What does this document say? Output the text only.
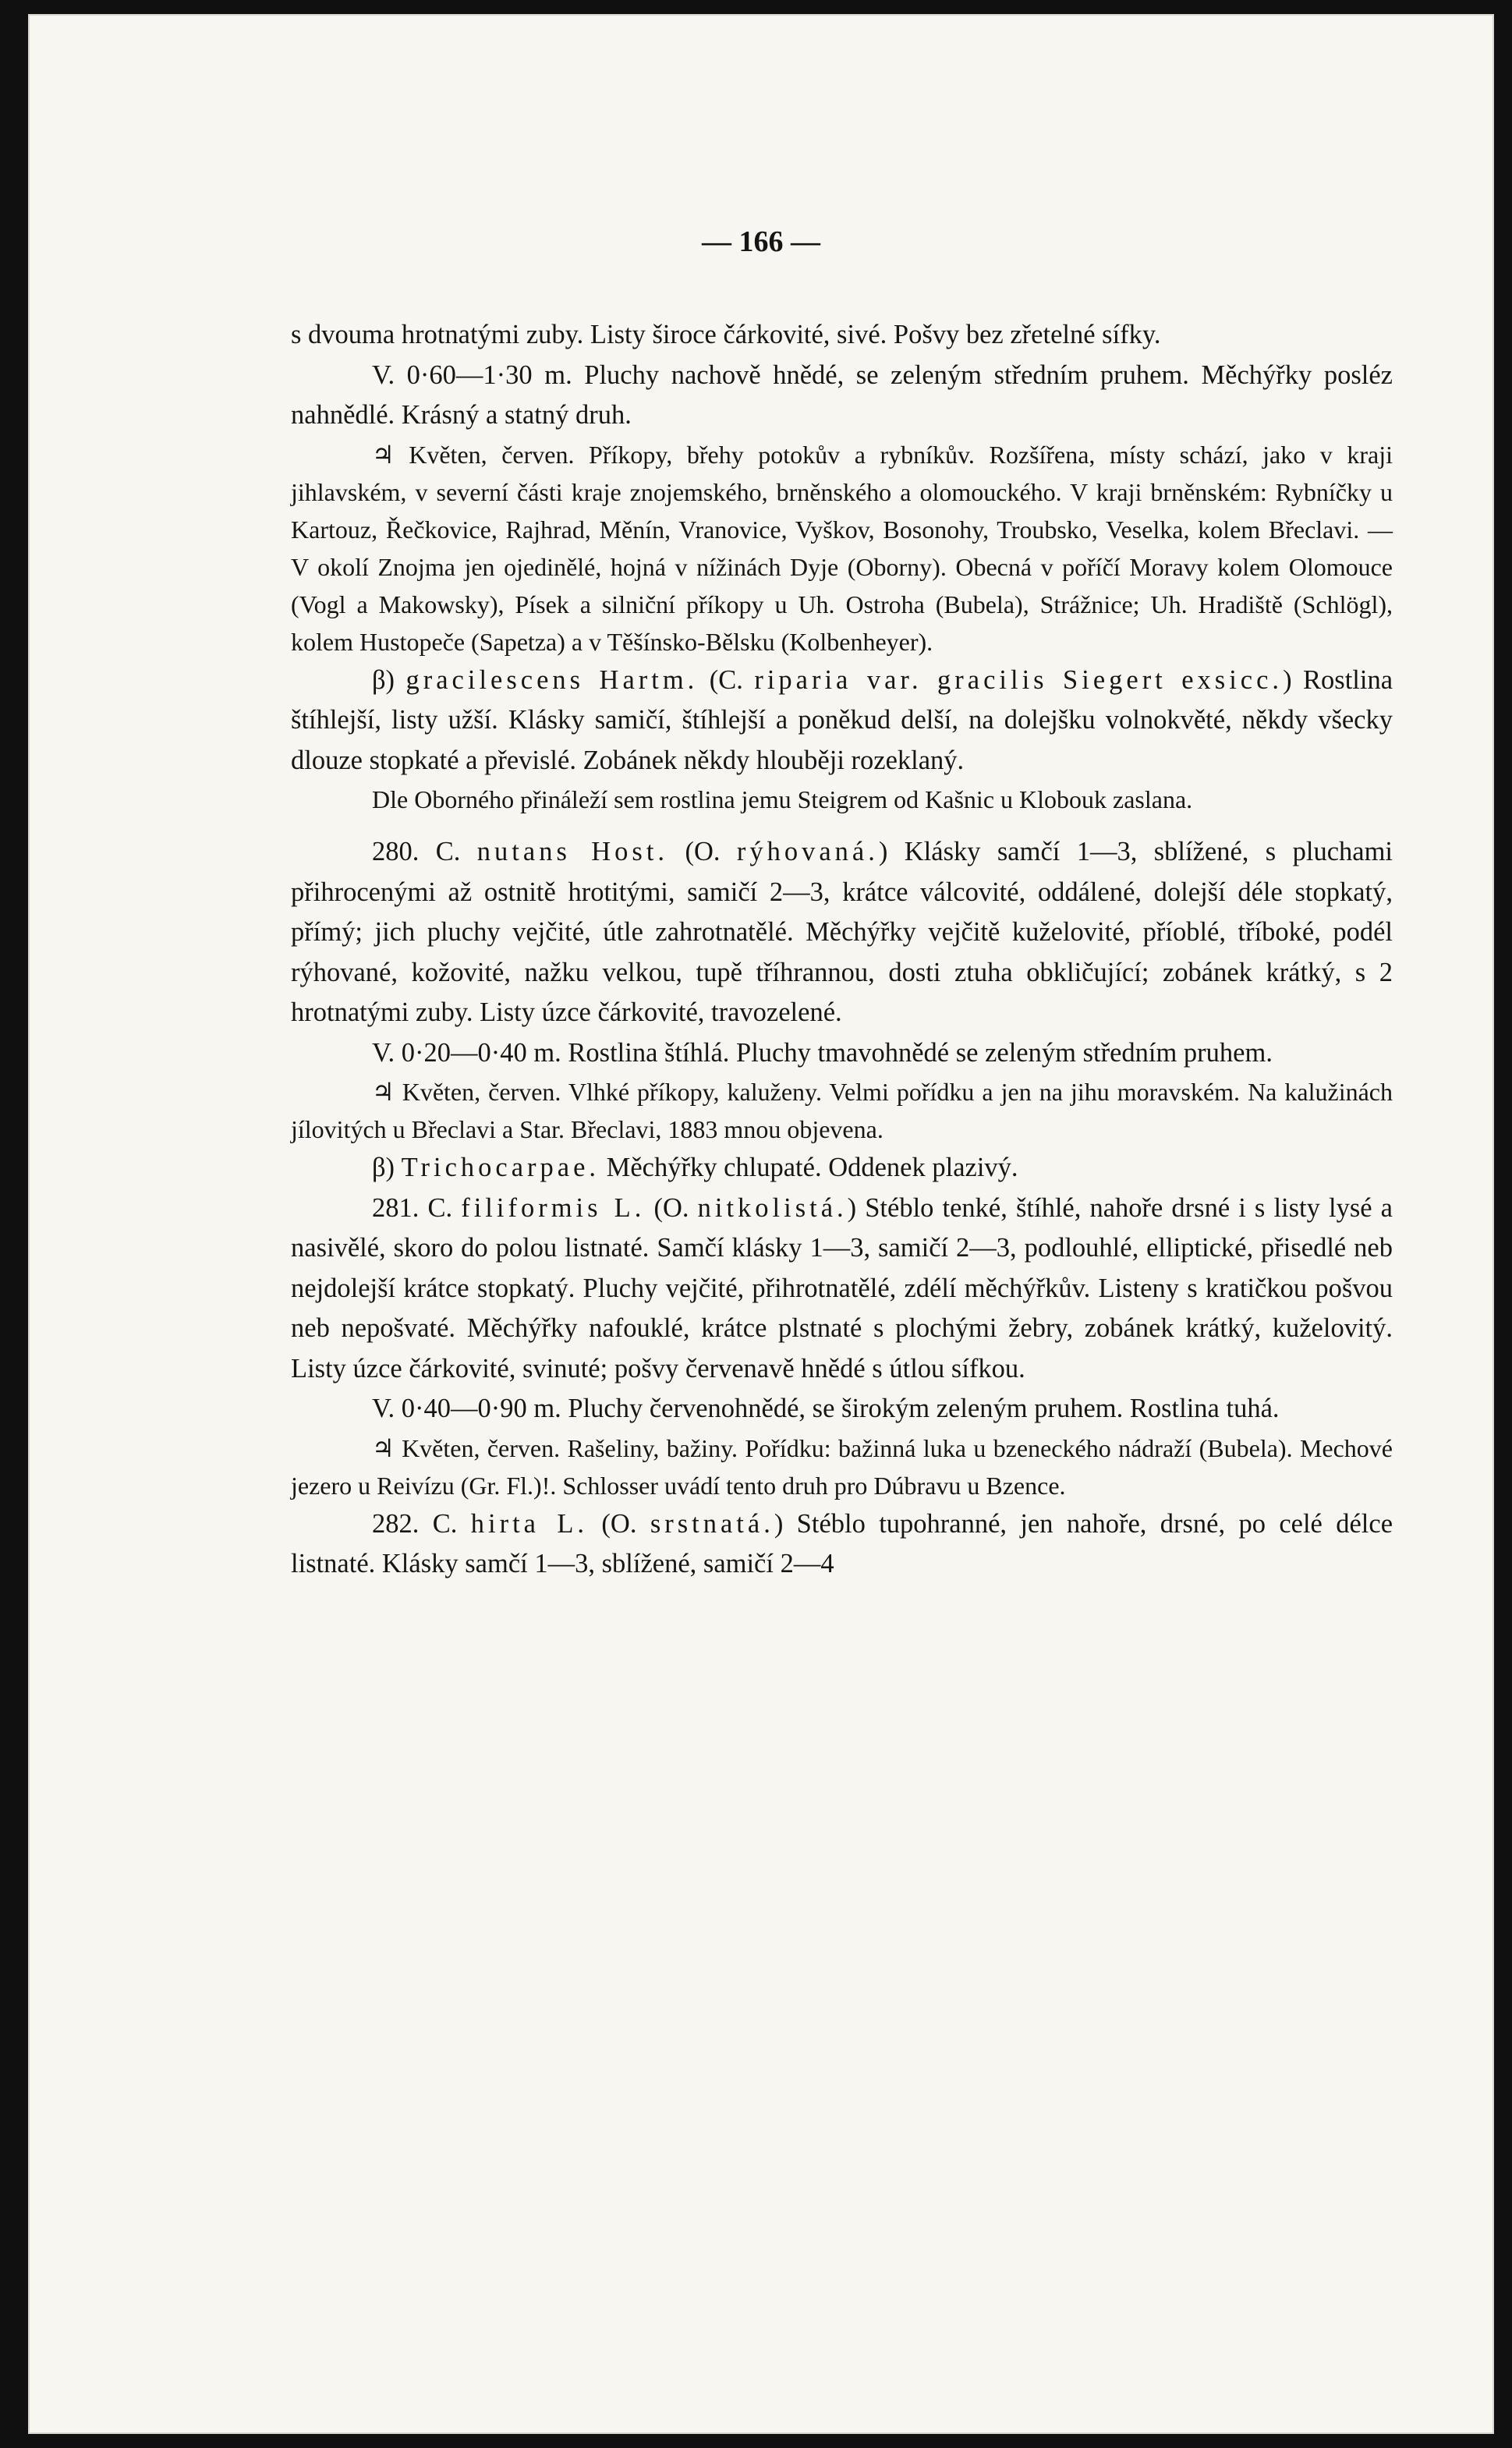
— 166 —

s dvouma hrotnatými zuby. Listy široce čárkovité, sivé. Pošvy bez zřetelné sífky.

V. 0·60—1·30 m. Pluchy nachově hnědé, se zeleným středním pruhem. Měchýřky posléz nahnědlé. Krásný a statný druh.

♃ Květen, červen. Příkopy, břehy potokův a rybníkův. Rozšířena, místy schází, jako v kraji jihlavském, v severní části kraje znojemského, brněnského a olomouckého. V kraji brněnském: Rybníčky u Kartouz, Řečkovice, Rajhrad, Měnín, Vranovice, Vyškov, Bosonohy, Troubsko, Veselka, kolem Břeclavi. — V okolí Znojma jen ojedinělé, hojná v nížinách Dyje (Oborny). Obecná v poříčí Moravy kolem Olomouce (Vogl a Makowsky), Písek a silniční příkopy u Uh. Ostroha (Bubela), Strážnice; Uh. Hradiště (Schlögl), kolem Hustopeče (Sapetza) a v Těšínsko-Bělsku (Kolbenheyer).

β) gracilescens Hartm. (C. riparia var. gracilis Siegert exsicc.) Rostlina štíhlejší, listy užší. Klásky samičí, štíhlejší a poněkud delší, na dolejšku volnokvěté, někdy všecky dlouze stopkaté a převislé. Zobánek někdy hlouběji rozeklaný.

Dle Oborného přináleží sem rostlina jemu Steigrem od Kašnic u Klobouk zaslana.

280. C. nutans Host. (O. rýhovaná.) Klásky samčí 1—3, sblížené, s pluchami přihrocenými až ostnitě hrotitými, samičí 2—3, krátce válcovité, oddálené, dolejší déle stopkatý, přímý; jich pluchy vejčité, útle zahrotnatělé. Měchýřky vejčitě kuželovité, příoblé, tříboké, podél rýhované, kožovité, nažku velkou, tupě tříhrannou, dosti ztuha obkličující; zobánek krátký, s 2 hrotnatými zuby. Listy úzce čárkovité, travozelené.

V. 0·20—0·40 m. Rostlina štíhlá. Pluchy tmavohnědé se zeleným středním pruhem.

♃ Květen, červen. Vlhké příkopy, kaluženy. Velmi pořídku a jen na jihu moravském. Na kalužinách jílovitých u Břeclavi a Star. Břeclavi, 1883 mnou objevena.

β) Trichocarpae. Měchýřky chlupaté. Oddenek plazivý.

281. C. filiformis L. (O. nitkolistá.) Stéblo tenké, štíhlé, nahoře drsné i s listy lysé a nasivělé, skoro do polou listnaté. Samčí klásky 1—3, samičí 2—3, podlouhlé, elliptické, přisedlé neb nejdolejší krátce stopkatý. Pluchy vejčité, přihrotnatělé, zdélí měchýřkův. Listeny s kratičkou pošvou neb nepošvaté. Měchýřky nafouklé, krátce plstnaté s plochými žebry, zobánek krátký, kuželovitý. Listy úzce čárkovité, svinuté; pošvy červenavě hnědé s útlou sífkou.

V. 0·40—0·90 m. Pluchy červenohnědé, se širokým zeleným pruhem. Rostlina tuhá.

♃ Květen, červen. Rašeliny, bažiny. Pořídku: bažinná luka u bzeneckého nádraží (Bubela). Mechové jezero u Reivízu (Gr. Fl.)!. Schlosser uvádí tento druh pro Dúbravu u Bzence.

282. C. hirta L. (O. srstnatá.) Stéblo tupohranné, jen nahoře, drsné, po celé délce listnaté. Klásky samčí 1—3, sblížené, samičí 2—4
